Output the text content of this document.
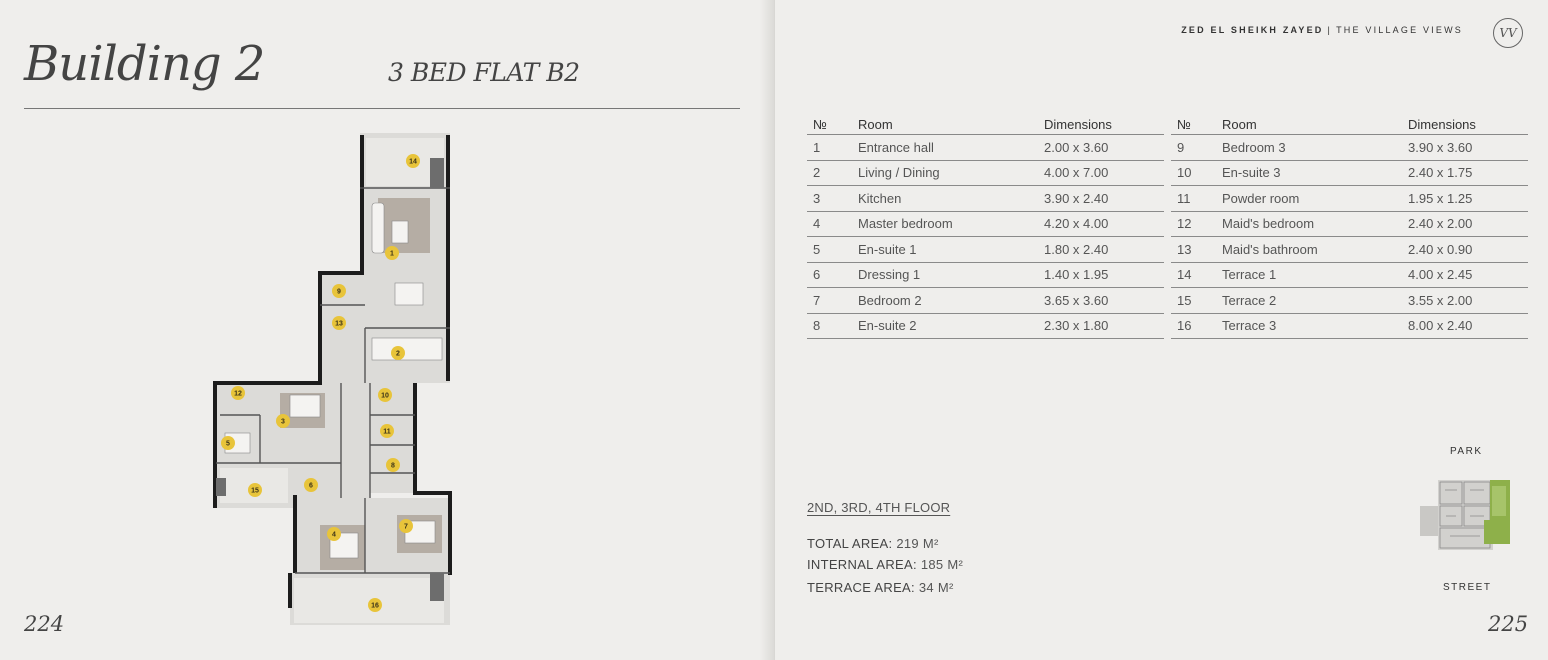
Building 2	3 BED FLAT B2
14
1
9
13
2
12	10
3
11
5
8
6
15
7
4
16
224
ZED EL SHEIKH ZAYED | THE VILLAGE VIEWS	VV
№	Room	Dimensions
1	Entrance hall	2.00 x 3.60
2	Living / Dining	4.00 x 7.00
3	Kitchen	3.90 x 2.40
4	Master bedroom	4.20 x 4.00
5	En-suite 1	1.80 x 2.40
6	Dressing 1	1.40 x 1.95
7	Bedroom 2	3.65 x 3.60
8	En-suite 2	2.30 x 1.80
№	Room	Dimensions
9	Bedroom 3	3.90 x 3.60
10	En-suite 3	2.40 x 1.75
11	Powder room	1.95 x 1.25
12	Maid's bedroom	2.40 x 2.00
13	Maid's bathroom	2.40 x 0.90
14	Terrace 1	4.00 x 2.45
15	Terrace 2	3.55 x 2.00
16	Terrace 3	8.00 x 2.40
2ND, 3RD, 4TH FLOOR
TOTAL AREA: 219 M²
INTERNAL AREA: 185 M²
TERRACE AREA: 34 M²
PARK
STREET
225
